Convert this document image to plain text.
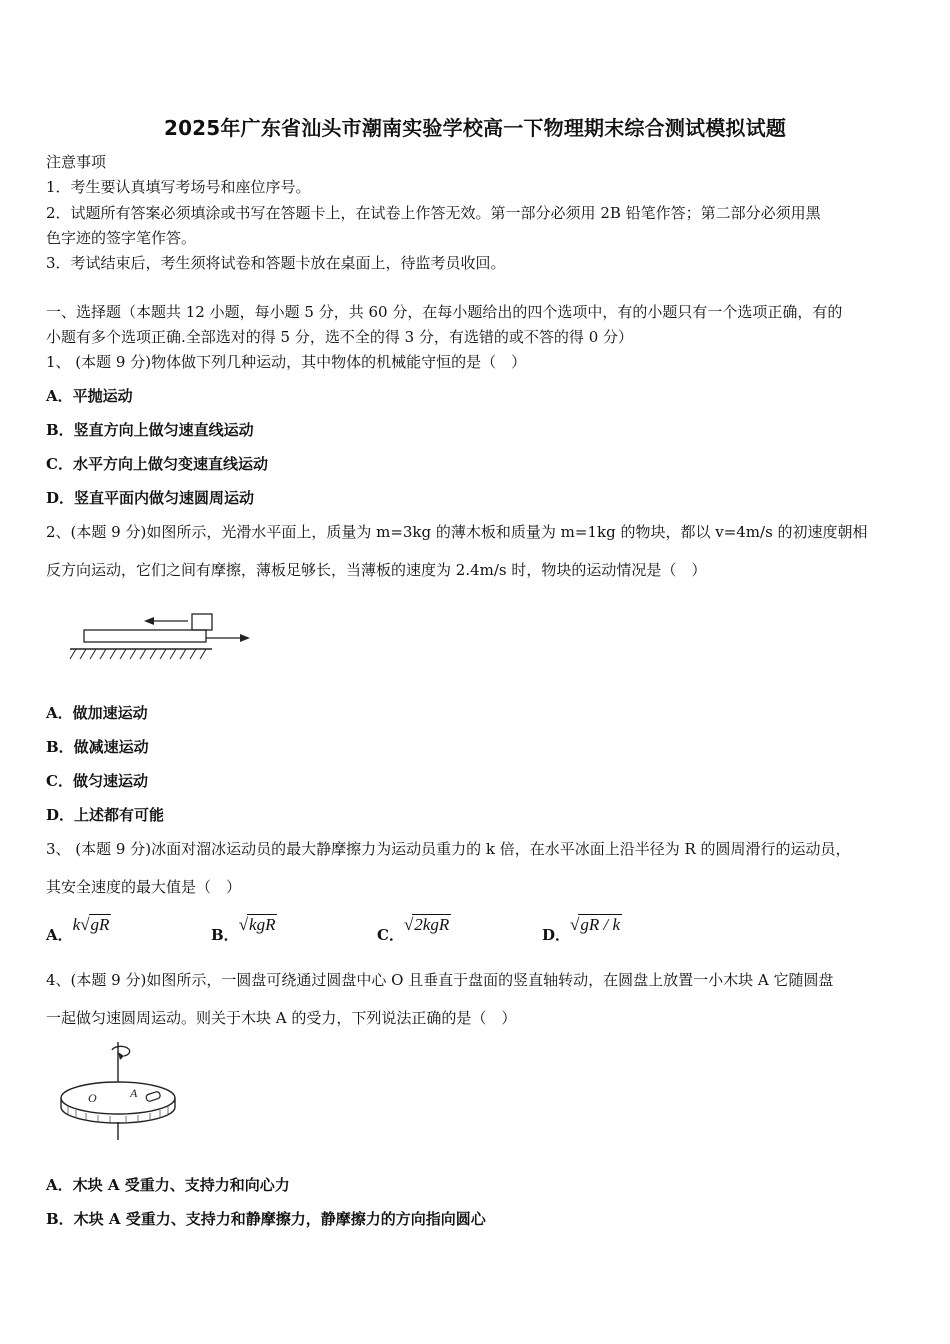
2025年广东省汕头市潮南实验学校高一下物理期末综合测试模拟试题
注意事项
1．考生要认真填写考场号和座位序号。
2．试题所有答案必须填涂或书写在答题卡上，在试卷上作答无效。第一部分必须用 2B 铅笔作答；第二部分必须用黑
色字迹的签字笔作答。
3．考试结束后，考生须将试卷和答题卡放在桌面上，待监考员收回。
一、选择题（本题共 12 小题，每小题 5 分，共 60 分，在每小题给出的四个选项中，有的小题只有一个选项正确，有的
小题有多个选项正确.全部选对的得 5 分，选不全的得 3 分，有选错的或不答的得 0 分）
1、 (本题 9 分)物体做下列几种运动，其中物体的机械能守恒的是（　）
A．平抛运动
B．竖直方向上做匀速直线运动
C．水平方向上做匀变速直线运动
D．竖直平面内做匀速圆周运动
2、(本题 9 分)如图所示，光滑水平面上，质量为 m=3kg 的薄木板和质量为 m=1kg 的物块，都以 v=4m/s 的初速度朝相
反方向运动，它们之间有摩擦，薄板足够长，当薄板的速度为 2.4m/s 时，物块的运动情况是（　）
A．做加速运动
B．做减速运动
C．做匀速运动
D．上述都有可能
3、 (本题 9 分)冰面对溜冰运动员的最大静摩擦力为运动员重力的 k 倍，在水平冰面上沿半径为 R 的圆周滑行的运动员，
其安全速度的最大值是（　）
A．k√gR
B．√kgR
C．√2kgR
D．√gR / k
4、(本题 9 分)如图所示，一圆盘可绕通过圆盘中心 O 且垂直于盘面的竖直轴转动，在圆盘上放置一小木块 A 它随圆盘
一起做匀速圆周运动。则关于木块 A 的受力，下列说法正确的是（　）
O	A
A．木块 A 受重力、支持力和向心力
B．木块 A 受重力、支持力和静摩擦力，静摩擦力的方向指向圆心
